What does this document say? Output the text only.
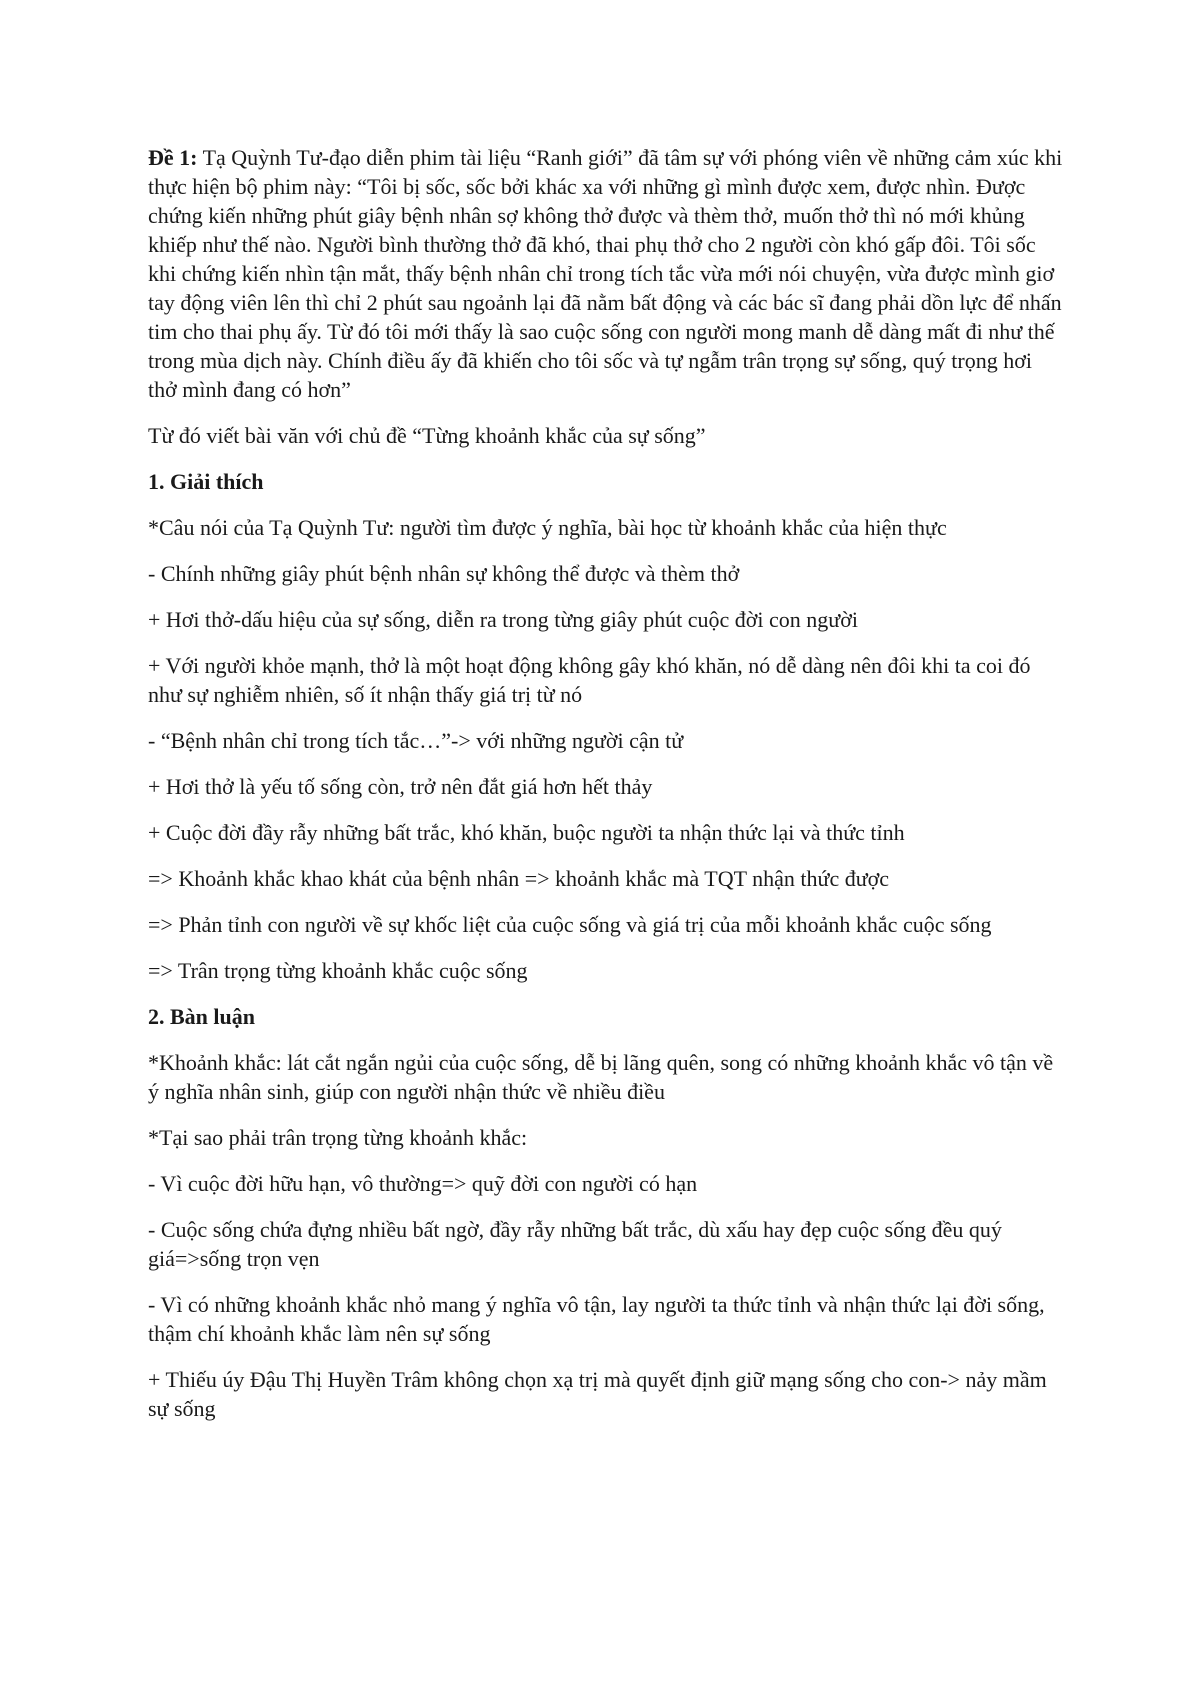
Đề 1: Tạ Quỳnh Tư-đạo diễn phim tài liệu “Ranh giới” đã tâm sự với phóng viên về những cảm xúc khi thực hiện bộ phim này: “Tôi bị sốc, sốc bởi khác xa với những gì mình được xem, được nhìn. Được chứng kiến những phút giây bệnh nhân sợ không thở được và thèm thở, muốn thở thì nó mới khủng khiếp như thế nào. Người bình thường thở đã khó, thai phụ thở cho 2 người còn khó gấp đôi. Tôi sốc khi chứng kiến nhìn tận mắt, thấy bệnh nhân chỉ trong tích tắc vừa mới nói chuyện, vừa được mình giơ tay động viên lên thì chỉ 2 phút sau ngoảnh lại đã nằm bất động và các bác sĩ đang phải dồn lực để nhấn tim cho thai phụ ấy. Từ đó tôi mới thấy là sao cuộc sống con người mong manh dễ dàng mất đi như thế trong mùa dịch này. Chính điều ấy đã khiến cho tôi sốc và tự ngẫm trân trọng sự sống, quý trọng hơi thở mình đang có hơn”

Từ đó viết bài văn với chủ đề “Từng khoảnh khắc của sự sống”

1. Giải thích

*Câu nói của Tạ Quỳnh Tư: người tìm được ý nghĩa, bài học từ khoảnh khắc của hiện thực

- Chính những giây phút bệnh nhân sự không thể được và thèm thở

+ Hơi thở-dấu hiệu của sự sống, diễn ra trong từng giây phút cuộc đời con người

+ Với người khỏe mạnh, thở là một hoạt động không gây khó khăn, nó dễ dàng nên đôi khi ta coi đó như sự nghiễm nhiên, số ít nhận thấy giá trị từ nó

- “Bệnh nhân chỉ trong tích tắc…”-> với những người cận tử

+ Hơi thở là yếu tố sống còn, trở nên đắt giá hơn hết thảy

+ Cuộc đời đầy rẫy những bất trắc, khó khăn, buộc người ta nhận thức lại và thức tỉnh

=> Khoảnh khắc khao khát của bệnh nhân => khoảnh khắc mà TQT nhận thức được

=> Phản tỉnh con người về sự khốc liệt của cuộc sống và giá trị của mỗi khoảnh khắc cuộc sống

=> Trân trọng từng khoảnh khắc cuộc sống

2. Bàn luận

*Khoảnh khắc: lát cắt ngắn ngủi của cuộc sống, dễ bị lãng quên, song có những khoảnh khắc vô tận về ý nghĩa nhân sinh, giúp con người nhận thức về nhiều điều

*Tại sao phải trân trọng từng khoảnh khắc:

- Vì cuộc đời hữu hạn, vô thường=> quỹ đời con người có hạn

- Cuộc sống chứa đựng nhiều bất ngờ, đầy rẫy những bất trắc, dù xấu hay đẹp cuộc sống đều quý giá=>sống trọn vẹn

- Vì có những khoảnh khắc nhỏ mang ý nghĩa vô tận, lay người ta thức tỉnh và nhận thức lại đời sống, thậm chí khoảnh khắc làm nên sự sống

+ Thiếu úy Đậu Thị Huyền Trâm không chọn xạ trị mà quyết định giữ mạng sống cho con-> nảy mầm sự sống
